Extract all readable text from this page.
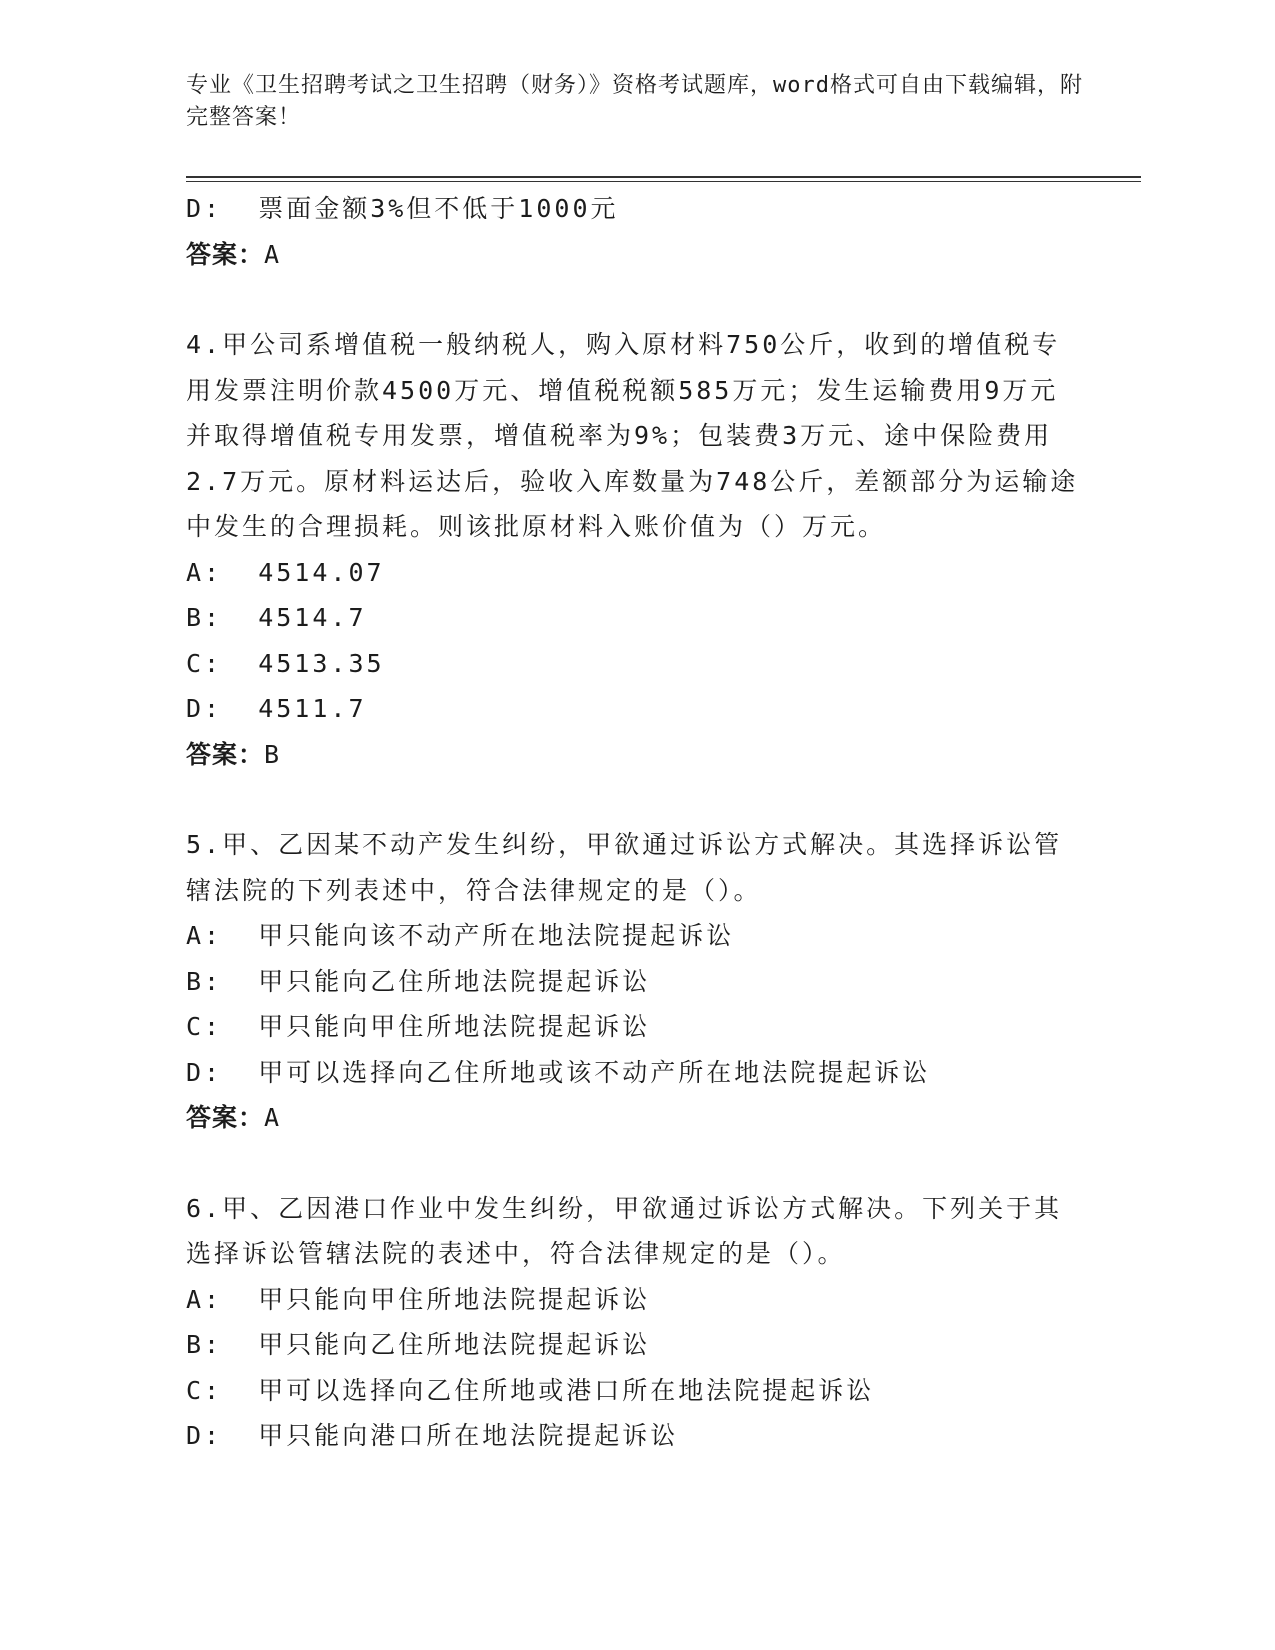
专业《卫生招聘考试之卫生招聘（财务）》资格考试题库，word格式可自由下载编辑，附完整答案！
D:  票面金额3%但不低于1000元
答案：A
4.甲公司系增值税一般纳税人，购入原材料750公斤，收到的增值税专用发票注明价款4500万元、增值税税额585万元；发生运输费用9万元并取得增值税专用发票，增值税率为9%；包装费3万元、途中保险费用2.7万元。原材料运达后，验收入库数量为748公斤，差额部分为运输途中发生的合理损耗。则该批原材料入账价值为（）万元。
A:  4514.07
B:  4514.7
C:  4513.35
D:  4511.7
答案：B
5.甲、乙因某不动产发生纠纷，甲欲通过诉讼方式解决。其选择诉讼管辖法院的下列表述中，符合法律规定的是（）。
A:  甲只能向该不动产所在地法院提起诉讼
B:  甲只能向乙住所地法院提起诉讼
C:  甲只能向甲住所地法院提起诉讼
D:  甲可以选择向乙住所地或该不动产所在地法院提起诉讼
答案：A
6.甲、乙因港口作业中发生纠纷，甲欲通过诉讼方式解决。下列关于其选择诉讼管辖法院的表述中，符合法律规定的是（）。
A:  甲只能向甲住所地法院提起诉讼
B:  甲只能向乙住所地法院提起诉讼
C:  甲可以选择向乙住所地或港口所在地法院提起诉讼
D:  甲只能向港口所在地法院提起诉讼
